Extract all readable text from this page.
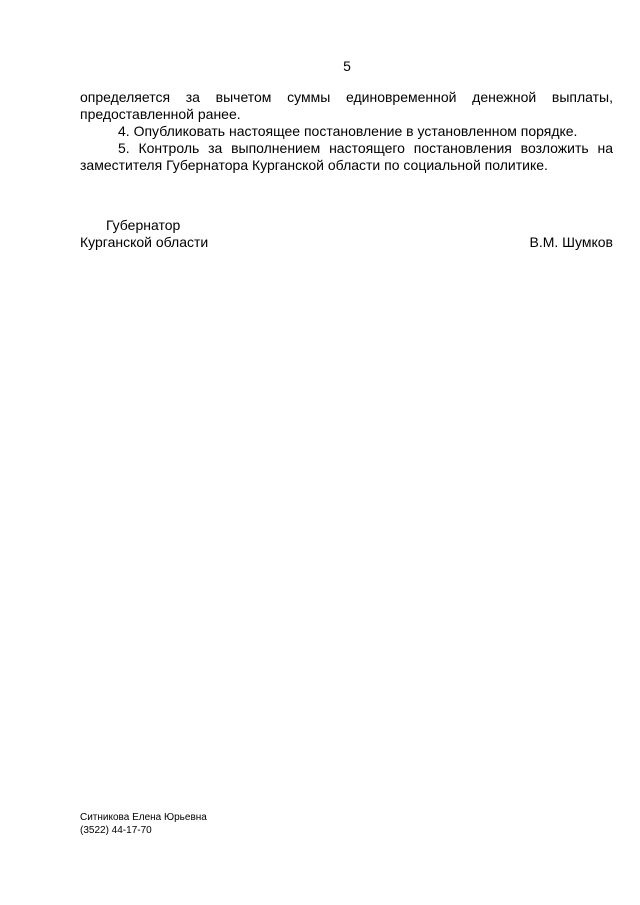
5

определяется за вычетом суммы единовременной денежной выплаты, предоставленной ранее.

4. Опубликовать настоящее постановление в установленном порядке.

5. Контроль за выполнением настоящего постановления возложить на заместителя Губернатора Курганской области по социальной политике.

Губернатор
Курганской области	В.М. Шумков
Ситникова Елена Юрьевна
(3522) 44-17-70
